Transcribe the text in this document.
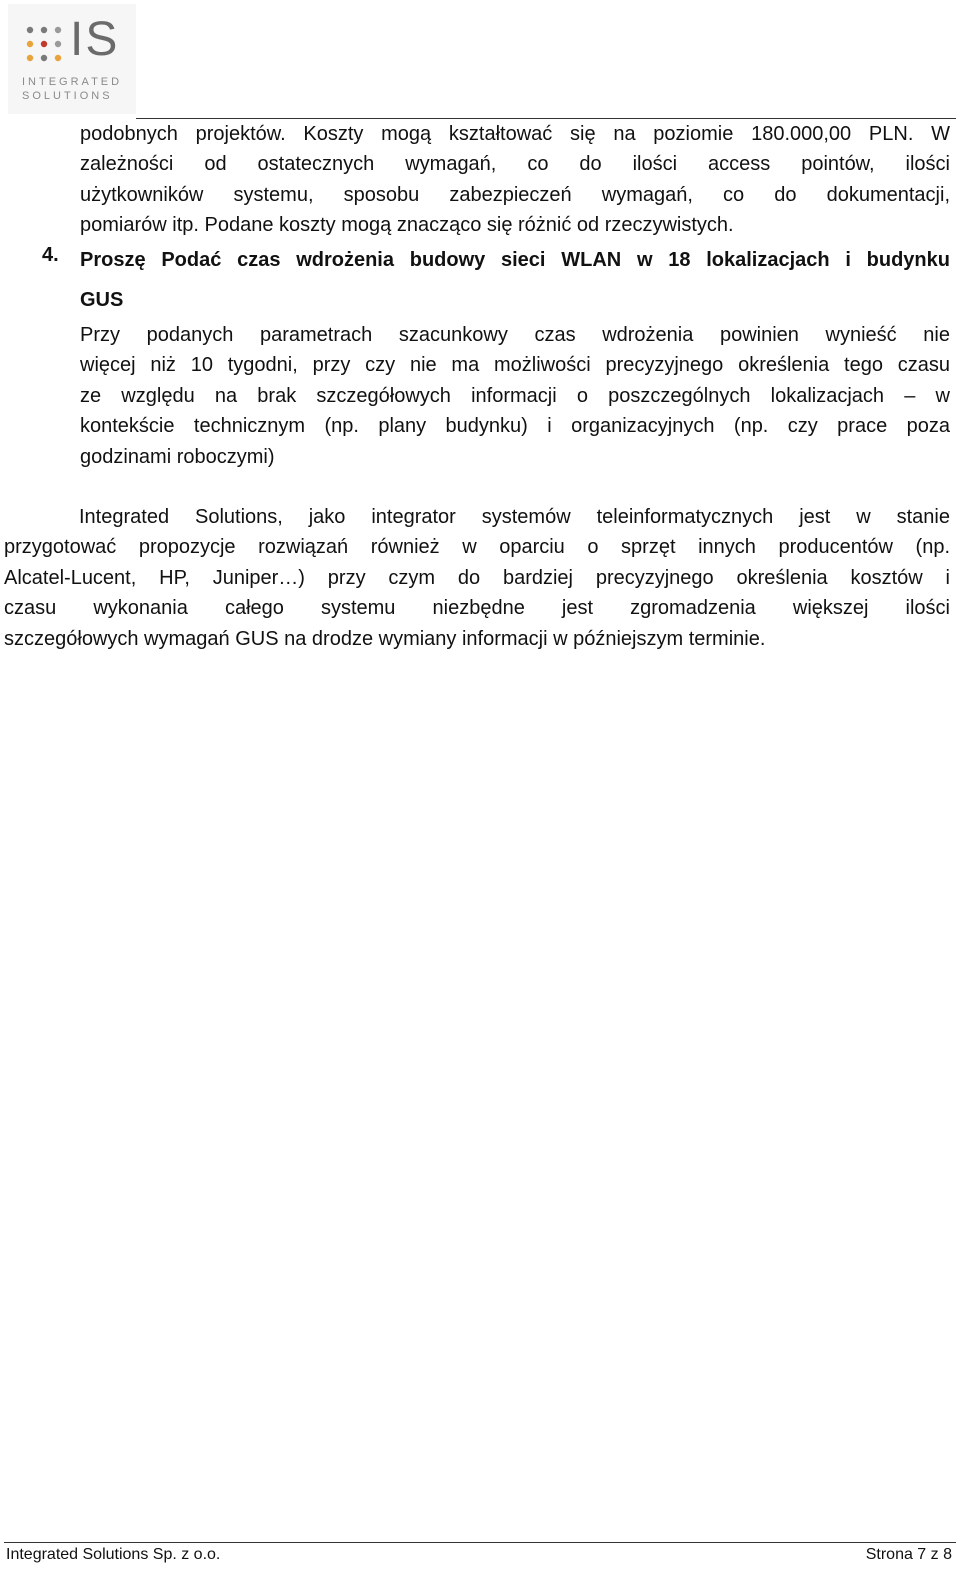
IS
INTEGRATED
SOLUTIONS
podobnych projektów. Koszty mogą kształtować się na poziomie 180.000,00 PLN. W
zależności od ostatecznych wymagań, co do ilości access pointów, ilości
użytkowników systemu, sposobu zabezpieczeń wymagań, co do dokumentacji,
pomiarów itp. Podane koszty mogą znacząco się różnić od rzeczywistych.
4. Proszę Podać czas wdrożenia budowy sieci WLAN w 18 lokalizacjach i budynku
GUS
Przy podanych parametrach szacunkowy czas wdrożenia powinien wynieść nie
więcej niż 10 tygodni, przy czy nie ma możliwości precyzyjnego określenia tego czasu
ze względu na brak szczegółowych informacji o poszczególnych lokalizacjach – w
kontekście technicznym (np. plany budynku) i organizacyjnych (np. czy prace poza
godzinami roboczymi)
Integrated Solutions, jako integrator systemów teleinformatycznych jest w stanie
przygotować propozycje rozwiązań również w oparciu o sprzęt innych producentów (np.
Alcatel-Lucent, HP, Juniper…) przy czym do bardziej precyzyjnego określenia kosztów i
czasu wykonania całego systemu niezbędne jest zgromadzenia większej ilości
szczegółowych wymagań GUS na drodze wymiany informacji w późniejszym terminie.
Integrated Solutions Sp. z o.o.	Strona 7 z 8
